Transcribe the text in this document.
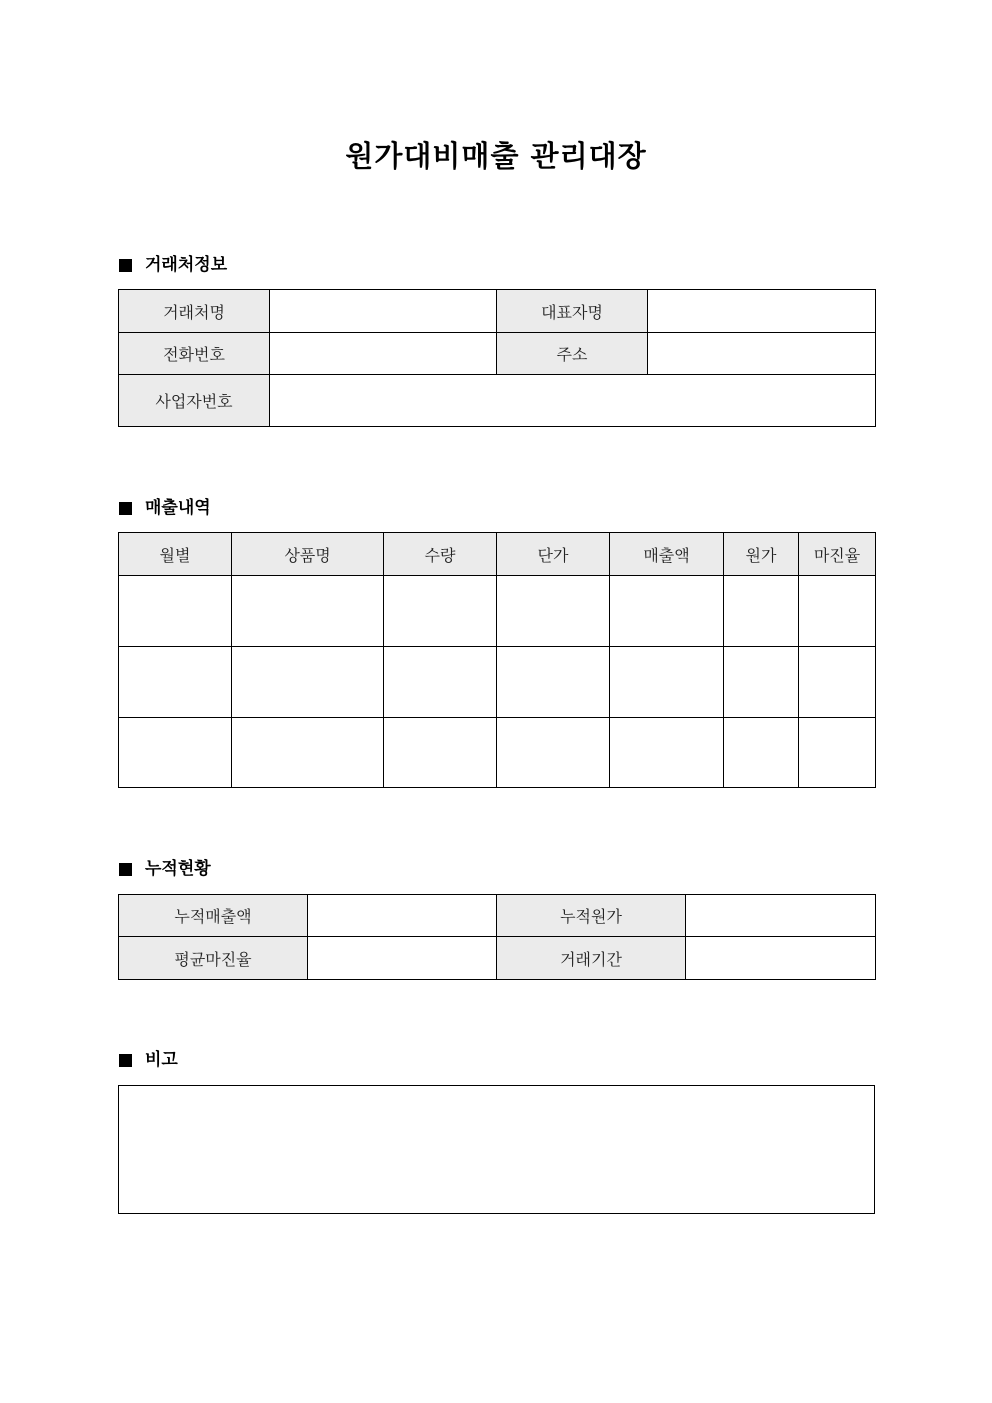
원가대비매출 관리대장
거래처정보
거래처명		대표자명	
전화번호		주소	
사업자번호			
매출내역
월별	상품명	수량	단가	매출액	원가	마진율

누적현황
누적매출액		누적원가	
평균마진율		거래기간	
비고
